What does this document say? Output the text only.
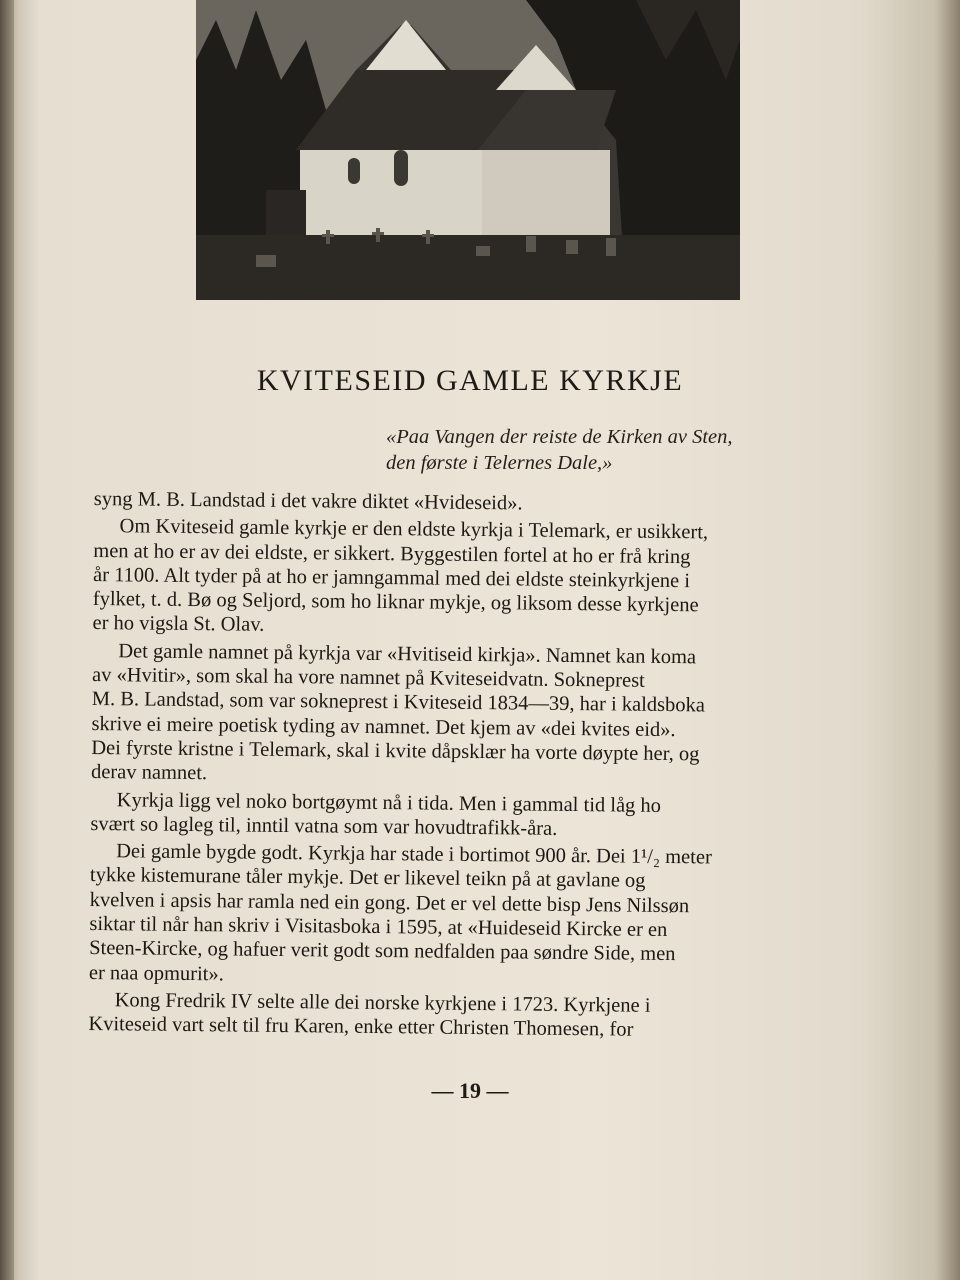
KVITESEID GAMLE KYRKJE
«Paa Vangen der reiste de Kirken av Sten,
den første i Telernes Dale,»
syng M. B. Landstad i det vakre diktet «Hvideseid».
Om Kviteseid gamle kyrkje er den eldste kyrkja i Telemark, er usikkert,
men at ho er av dei eldste, er sikkert. Byggestilen fortel at ho er frå kring
år 1100. Alt tyder på at ho er jamngammal med dei eldste steinkyrkjene i
fylket, t. d. Bø og Seljord, som ho liknar mykje, og liksom desse kyrkjene
er ho vigsla St. Olav.
Det gamle namnet på kyrkja var «Hvitiseid kirkja». Namnet kan koma
av «Hvitir», som skal ha vore namnet på Kviteseidvatn. Sokneprest
M. B. Landstad, som var sokneprest i Kviteseid 1834—39, har i kaldsboka
skrive ei meire poetisk tyding av namnet. Det kjem av «dei kvites eid».
Dei fyrste kristne i Telemark, skal i kvite dåpsklær ha vorte døypte her, og
derav namnet.
Kyrkja ligg vel noko bortgøymt nå i tida. Men i gammal tid låg ho
svært so lagleg til, inntil vatna som var hovudtrafikk-åra.
Dei gamle bygde godt. Kyrkja har stade i bortimot 900 år. Dei 1¹/₂ meter
tykke kistemurane tåler mykje. Det er likevel teikn på at gavlane og
kvelven i apsis har ramla ned ein gong. Det er vel dette bisp Jens Nilssøn
siktar til når han skriv i Visitasboka i 1595, at «Huideseid Kircke er en
Steen-Kircke, og hafuer verit godt som nedfalden paa søndre Side, men
er naa opmurit».
Kong Fredrik IV selte alle dei norske kyrkjene i 1723. Kyrkjene i
Kviteseid vart selt til fru Karen, enke etter Christen Thomesen, for
— 19 —
